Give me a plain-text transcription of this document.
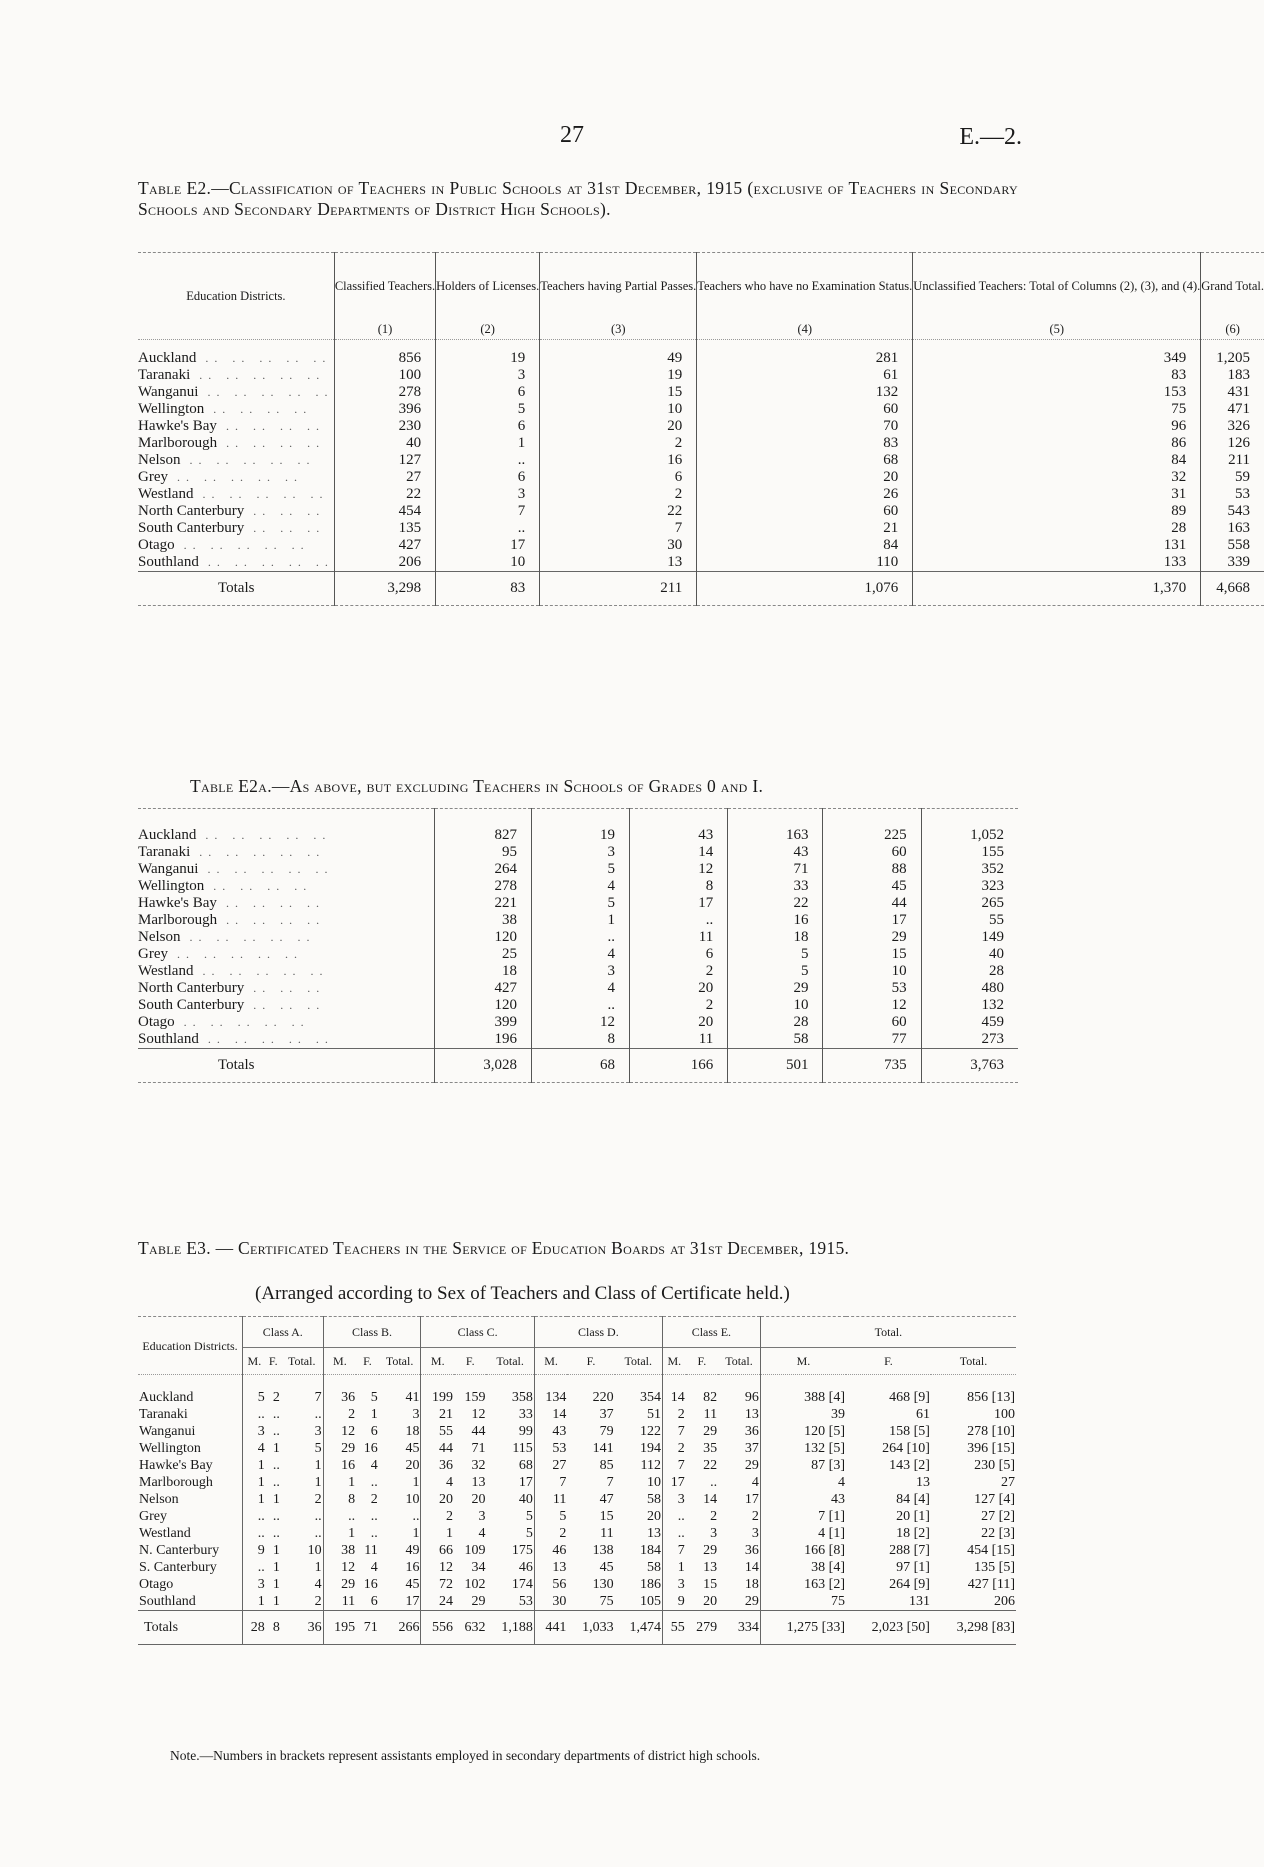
27	E.—2.
Table E2.—Classification of Teachers in Public Schools at 31st December, 1915 (exclusive of Teachers in Secondary Schools and Secondary Departments of District High Schools).
Education Districts.	Classified Teachers.	Holders of Licenses.	Teachers having Partial Passes.	Teachers who have no Examination Status.	Unclassified Teachers: Total of Columns (2), (3), and (4).	Grand Total.
	(1)	(2)	(3)	(4)	(5)	(6)

Auckland .. .. .. .. ..	856	19	49	281	349	1,205
Taranaki .. .. .. .. ..	100	3	19	61	83	183
Wanganui .. .. .. .. ..	278	6	15	132	153	431
Wellington .. .. .. ..	396	5	10	60	75	471
Hawke's Bay .. .. .. ..	230	6	20	70	96	326
Marlborough .. .. .. ..	40	1	2	83	86	126
Nelson .. .. .. .. ..	127	..	16	68	84	211
Grey .. .. .. .. ..	27	6	6	20	32	59
Westland .. .. .. .. ..	22	3	2	26	31	53
North Canterbury .. .. ..	454	7	22	60	89	543
South Canterbury .. .. ..	135	..	7	21	28	163
Otago .. .. .. .. ..	427	17	30	84	131	558
Southland .. .. .. .. ..	206	10	13	110	133	339
Totals	3,298	83	211	1,076	1,370	4,668
Table E2a.—As above, but excluding Teachers in Schools of Grades 0 and I.

Auckland .. .. .. .. ..	827	19	43	163	225	1,052
Taranaki .. .. .. .. ..	95	3	14	43	60	155
Wanganui .. .. .. .. ..	264	5	12	71	88	352
Wellington .. .. .. ..	278	4	8	33	45	323
Hawke's Bay .. .. .. ..	221	5	17	22	44	265
Marlborough .. .. .. ..	38	1	..	16	17	55
Nelson .. .. .. .. ..	120	..	11	18	29	149
Grey .. .. .. .. ..	25	4	6	5	15	40
Westland .. .. .. .. ..	18	3	2	5	10	28
North Canterbury .. .. ..	427	4	20	29	53	480
South Canterbury .. .. ..	120	..	2	10	12	132
Otago .. .. .. .. ..	399	12	20	28	60	459
Southland .. .. .. .. ..	196	8	11	58	77	273
Totals	3,028	68	166	501	735	3,763
Table E3. — Certificated Teachers in the Service of Education Boards at 31st December, 1915.
(Arranged according to Sex of Teachers and Class of Certificate held.)
Education Districts.	Class A.			Class B.			Class C.			Class D.			Class E.			Total.		
	M.	F.	Total.	M.	F.	Total.	M.	F.	Total.	M.	F.	Total.	M.	F.	Total.	M.	F.	Total.

Auckland	5	2	7	36	5	41	199	159	358	134	220	354	14	82	96	388 [4]	468 [9]	856 [13]
Taranaki	..	..	..	2	1	3	21	12	33	14	37	51	2	11	13	39	61	100
Wanganui	3	..	3	12	6	18	55	44	99	43	79	122	7	29	36	120 [5]	158 [5]	278 [10]
Wellington	4	1	5	29	16	45	44	71	115	53	141	194	2	35	37	132 [5]	264 [10]	396 [15]
Hawke's Bay	1	..	1	16	4	20	36	32	68	27	85	112	7	22	29	87 [3]	143 [2]	230 [5]
Marlborough	1	..	1	1	..	1	4	13	17	7	7	10	17	..	4	4	13	27
Nelson	1	1	2	8	2	10	20	20	40	11	47	58	3	14	17	43	84 [4]	127 [4]
Grey	..	..	..	..	..	..	2	3	5	5	15	20	..	2	2	7 [1]	20 [1]	27 [2]
Westland	..	..	..	1	..	1	1	4	5	2	11	13	..	3	3	4 [1]	18 [2]	22 [3]
N. Canterbury	9	1	10	38	11	49	66	109	175	46	138	184	7	29	36	166 [8]	288 [7]	454 [15]
S. Canterbury	..	1	1	12	4	16	12	34	46	13	45	58	1	13	14	38 [4]	97 [1]	135 [5]
Otago	3	1	4	29	16	45	72	102	174	56	130	186	3	15	18	163 [2]	264 [9]	427 [11]
Southland	1	1	2	11	6	17	24	29	53	30	75	105	9	20	29	75	131	206
Totals	28	8	36	195	71	266	556	632	1,188	441	1,033	1,474	55	279	334	1,275 [33]	2,023 [50]	3,298 [83]
Note.—Numbers in brackets represent assistants employed in secondary departments of district high schools.
